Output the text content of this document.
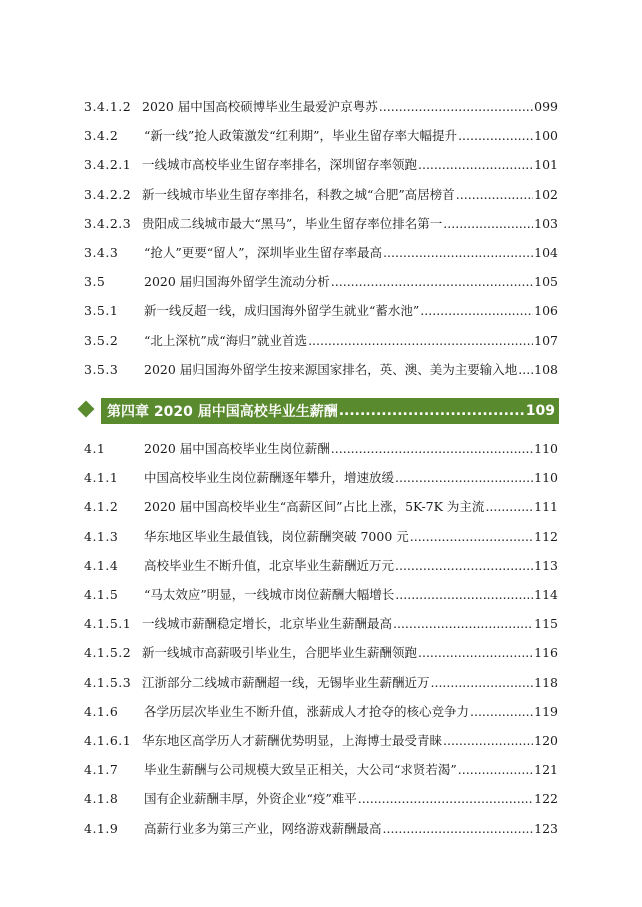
3.4.1.2 2020 届中国高校硕博毕业生最爱沪京粤苏 .....	099
3.4.2 “新一线”抢人政策激发“红利期”，毕业生留存率大幅提升 .....	100
3.4.2.1 一线城市高校毕业生留存率排名，深圳留存率领跑 .....	101
3.4.2.2 新一线城市毕业生留存率排名，科教之城“合肥”高居榜首 .....	102
3.4.2.3 贵阳成二线城市最大“黑马”，毕业生留存率位排名第一 .....	103
3.4.3 “抢人”更要“留人”，深圳毕业生留存率最高 .....	104
3.5	2020 届归国海外留学生流动分析 .....	105
3.5.1 新一线反超一线，成归国海外留学生就业“蓄水池” .....	106
3.5.2 “北上深杭”成“海归”就业首选 .....	107
3.5.3 2020 届归国海外留学生按来源国家排名，英、澳、美为主要输入地 ..... 108
第四章 2020 届中国高校毕业生薪酬 .....	109
4.1	2020 届中国高校毕业生岗位薪酬 .....	110
4.1.1 中国高校毕业生岗位薪酬逐年攀升，增速放缓 .....	110
4.1.2 2020 届中国高校毕业生“高薪区间”占比上涨，5K-7K 为主流 .....	111
4.1.3 华东地区毕业生最值钱，岗位薪酬突破 7000 元 .....	112
4.1.4 高校毕业生不断升值，北京毕业生薪酬近万元 .....	113
4.1.5 “马太效应”明显，一线城市岗位薪酬大幅增长 .....	114
4.1.5.1 一线城市薪酬稳定增长，北京毕业生薪酬最高 .....	115
4.1.5.2 新一线城市高薪吸引毕业生，合肥毕业生薪酬领跑 .....	116
4.1.5.3 江浙部分二线城市薪酬超一线，无锡毕业生薪酬近万 .....	118
4.1.6 各学历层次毕业生不断升值，涨薪成人才抢夺的核心竞争力 .....	119
4.1.6.1 华东地区高学历人才薪酬优势明显，上海博士最受青睐 .....	120
4.1.7 毕业生薪酬与公司规模大致呈正相关，大公司“求贤若渴” .....	121
4.1.8 国有企业薪酬丰厚，外资企业“疫”难平 .....	122
4.1.9 高薪行业多为第三产业，网络游戏薪酬最高 .....	123
